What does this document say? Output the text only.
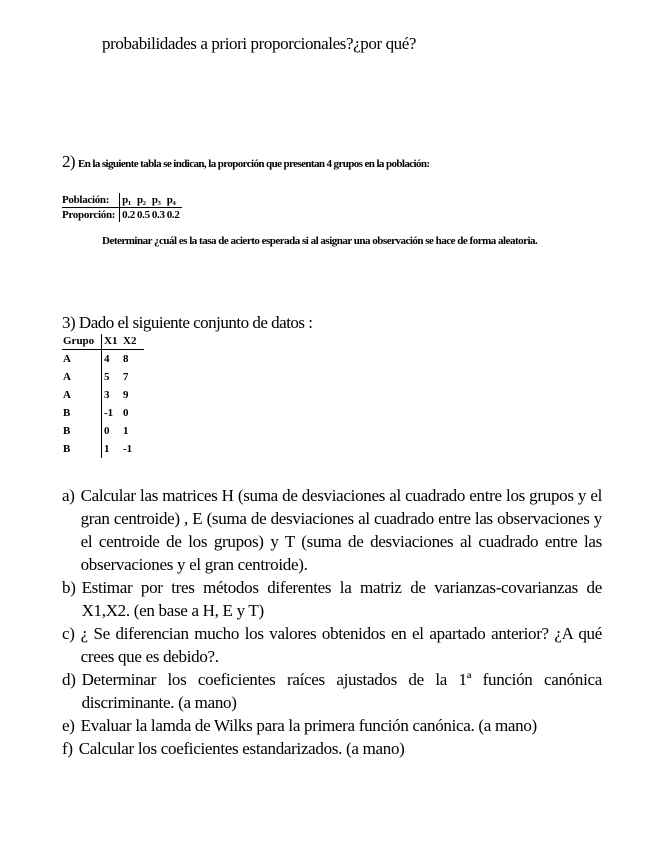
probabilidades a priori proporcionales?¿por qué?
2) En la siguiente tabla se indican, la proporción que presentan 4 grupos en la población:
Población:	p₁	p₂	p₃	p₄
Proporción:	0.2	0.5	0.3	0.2
Determinar ¿cuál es la tasa de acierto esperada si al asignar una observación se hace de forma aleatoria.
3) Dado el siguiente conjunto de datos :
Grupo	X1	X2
A	4	8
A	5	7
A	3	9
B	-1	0
B	0	1
B	1	-1
a) Calcular las matrices H (suma de desviaciones al cuadrado entre los grupos y el gran centroide) , E (suma de desviaciones al cuadrado entre las observaciones y el centroide de los grupos) y T (suma de desviaciones al cuadrado entre las observaciones y el gran centroide).
b) Estimar por tres métodos diferentes la matriz de varianzas-covarianzas de X1,X2. (en base a H, E y T)
c) ¿ Se diferencian mucho los valores obtenidos en el apartado anterior? ¿A qué crees que es debido?.
d) Determinar los coeficientes raíces ajustados de la 1ª función canónica discriminante. (a mano)
e) Evaluar la lamda de Wilks para la primera función canónica. (a mano)
f) Calcular los coeficientes estandarizados. (a mano)
